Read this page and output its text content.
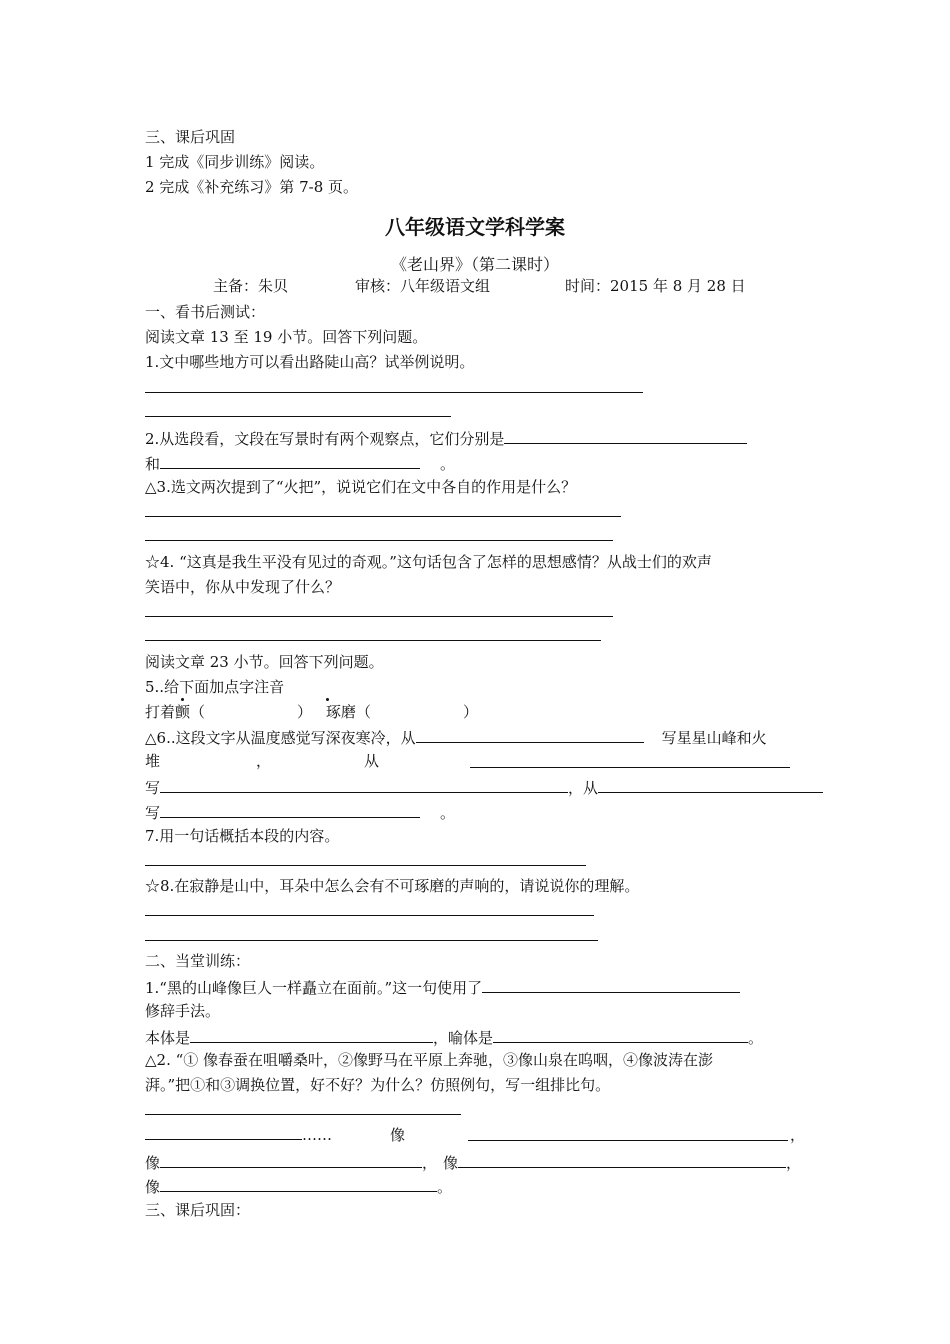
三、课后巩固
1 完成《同步训练》阅读。
2 完成《补充练习》第 7-8 页。
八年级语文学科学案
《老山界》（第二课时）
主备：朱贝	审核：八年级语文组	时间：2015 年 8 月 28 日
一、看书后测试：
阅读文章 13 至 19 小节。回答下列问题。
1.文中哪些地方可以看出路陡山高？试举例说明。
2.从选段看，文段在写景时有两个观察点，它们分别是
和	。
△3.选文两次提到了“火把”，说说它们在文中各自的作用是什么？
☆4. “这真是我生平没有见过的奇观。”这句话包含了怎样的思想感情？从战士们的欢声
笑语中，你从中发现了什么？
阅读文章 23 小节。回答下列问题。
5..给下面加点字注音
打着颤（	） 琢磨（	）
△6..这段文字从温度感觉写深夜寒冷，从	写星星山峰和火
堆	，	从
写	，从
写	。
7.用一句话概括本段的内容。
☆8.在寂静是山中，耳朵中怎么会有不可琢磨的声响的，请说说你的理解。
二、当堂训练：
1.“黑的山峰像巨人一样矗立在面前。”这一句使用了
修辞手法。
本体是	，喻体是	。
△2. “① 像春蚕在咀嚼桑叶，②像野马在平原上奔驰，③像山泉在呜咽，④像波涛在澎
湃。”把①和③调换位置，好不好？为什么？仿照例句，写一组排比句。
……	像	，
像	， 像	，
像	。
三、课后巩固：
